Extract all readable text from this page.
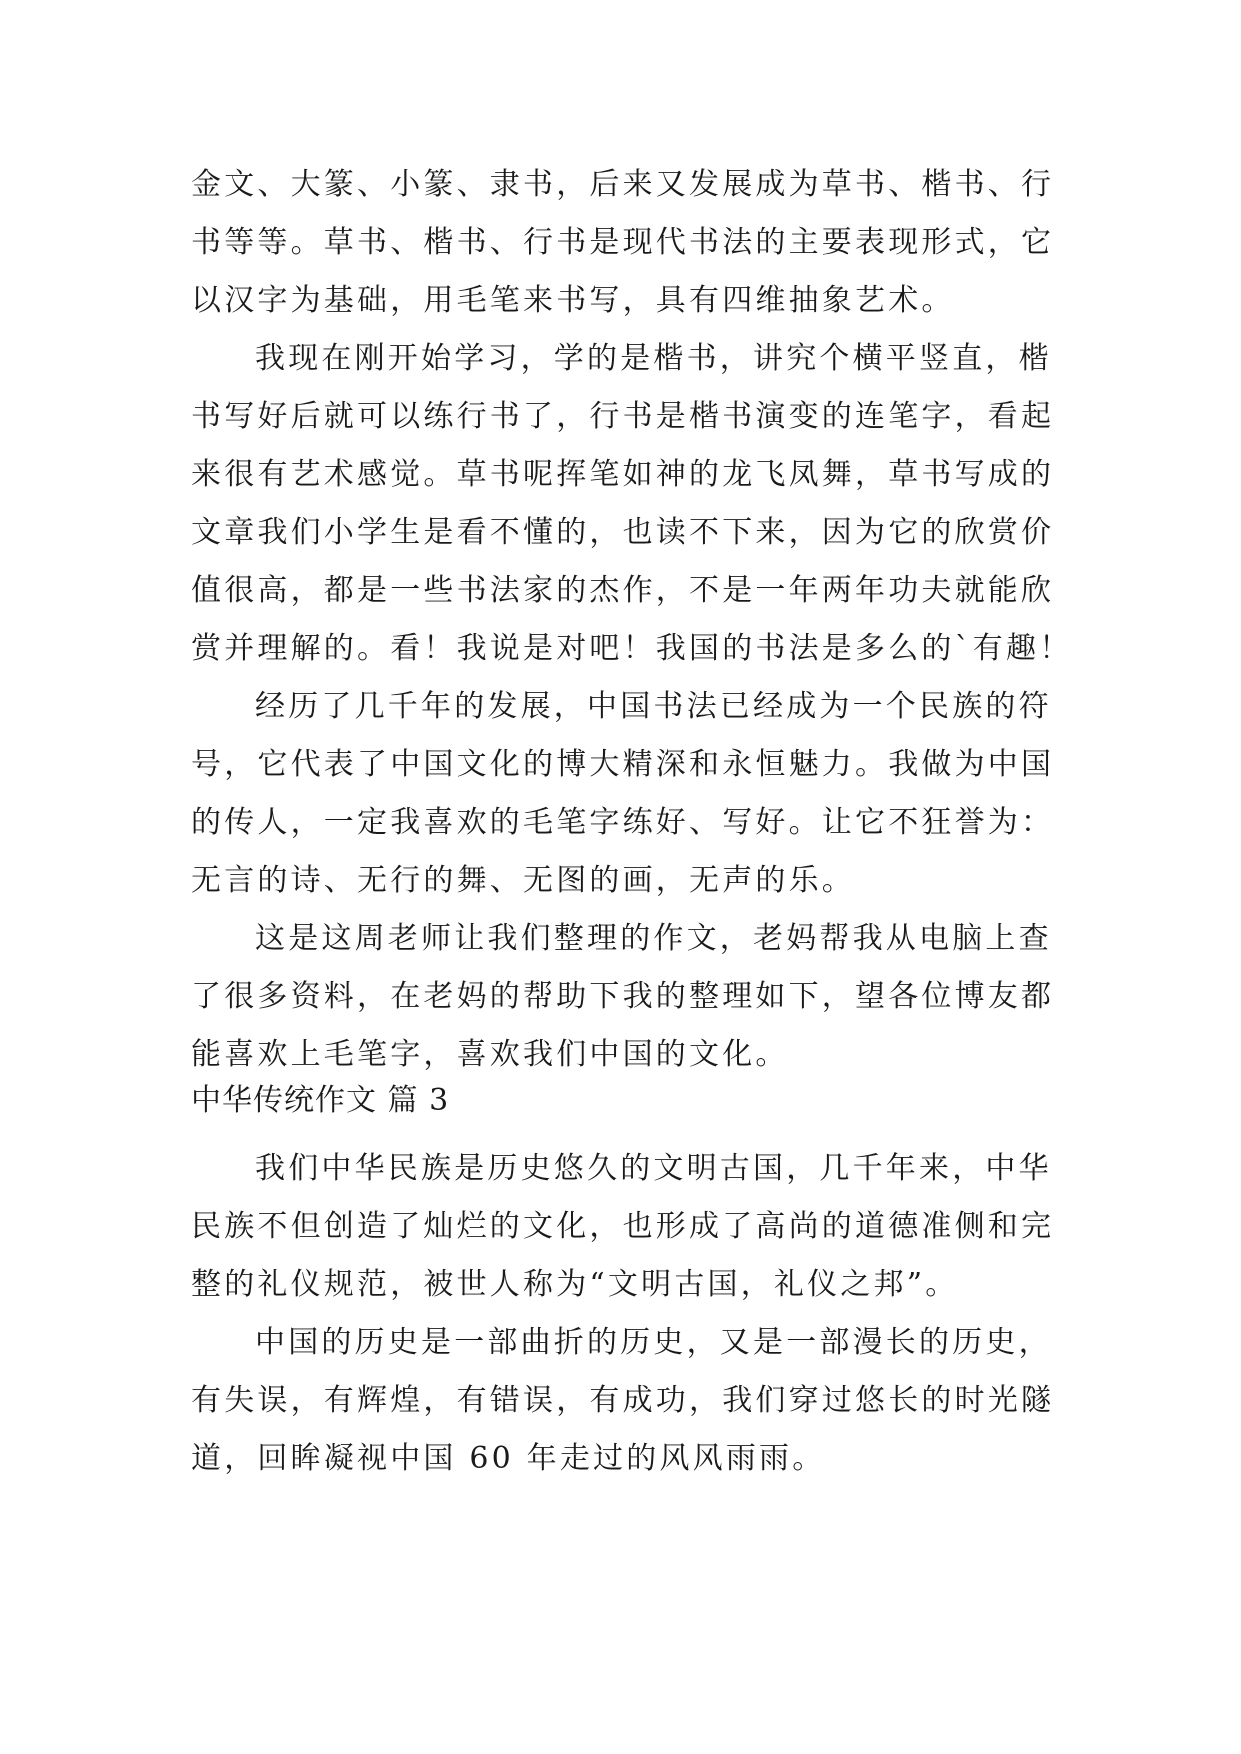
金文、大篆、小篆、隶书，后来又发展成为草书、楷书、行
书等等。草书、楷书、行书是现代书法的主要表现形式，它
以汉字为基础，用毛笔来书写，具有四维抽象艺术。
我现在刚开始学习，学的是楷书，讲究个横平竖直，楷
书写好后就可以练行书了，行书是楷书演变的连笔字，看起
来很有艺术感觉。草书呢挥笔如神的龙飞凤舞，草书写成的
文章我们小学生是看不懂的，也读不下来，因为它的欣赏价
值很高，都是一些书法家的杰作，不是一年两年功夫就能欣
赏并理解的。看！我说是对吧！我国的书法是多么的`有趣！
经历了几千年的发展，中国书法已经成为一个民族的符
号，它代表了中国文化的博大精深和永恒魅力。我做为中国
的传人，一定我喜欢的毛笔字练好、写好。让它不狂誉为：
无言的诗、无行的舞、无图的画，无声的乐。
这是这周老师让我们整理的作文，老妈帮我从电脑上查
了很多资料，在老妈的帮助下我的整理如下，望各位博友都
能喜欢上毛笔字，喜欢我们中国的文化。
中华传统作文 篇 3
我们中华民族是历史悠久的文明古国，几千年来，中华
民族不但创造了灿烂的文化，也形成了高尚的道德准侧和完
整的礼仪规范，被世人称为“文明古国，礼仪之邦”。
中国的历史是一部曲折的历史，又是一部漫长的历史，
有失误，有辉煌，有错误，有成功，我们穿过悠长的时光隧
道，回眸凝视中国 60 年走过的风风雨雨。
